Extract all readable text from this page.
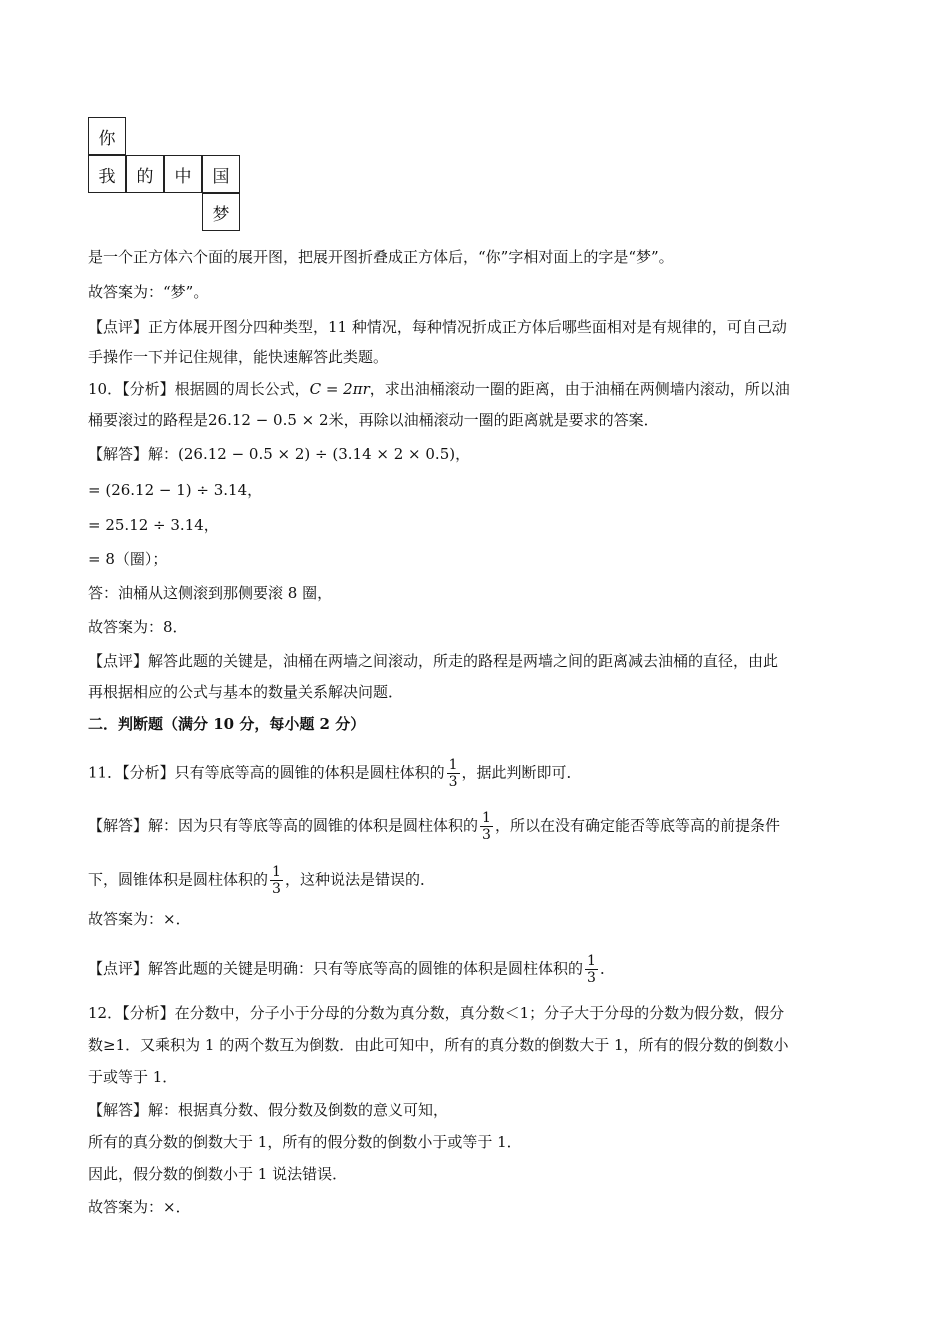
你
我	的	中	国
梦
是一个正方体六个面的展开图，把展开图折叠成正方体后，“你”字相对面上的字是“梦”。
故答案为：“梦”。
【点评】正方体展开图分四种类型，11 种情况，每种情况折成正方体后哪些面相对是有规律的，可自己动
手操作一下并记住规律，能快速解答此类题。
10．【分析】根据圆的周长公式，C = 2πr，求出油桶滚动一圈的距离，由于油桶在两侧墙内滚动，所以油
桶要滚过的路程是26.12 − 0.5 × 2米，再除以油桶滚动一圈的距离就是要求的答案．
【解答】解：(26.12 − 0.5 × 2) ÷ (3.14 × 2 × 0.5)，
= (26.12 − 1) ÷ 3.14，
= 25.12 ÷ 3.14，
= 8（圈）；
答：油桶从这侧滚到那侧要滚 8 圈，
故答案为：8．
【点评】解答此题的关键是，油桶在两墙之间滚动，所走的路程是两墙之间的距离减去油桶的直径，由此
再根据相应的公式与基本的数量关系解决问题．
二．判断题（满分 10 分，每小题 2 分）
11．【分析】只有等底等高的圆锥的体积是圆柱体积的 $\frac{1}{3}$ ，据此判断即可．
【解答】解：因为只有等底等高的圆锥的体积是圆柱体积的 $\frac{1}{3}$ ，所以在没有确定能否等底等高的前提条件
下，圆锥体积是圆柱体积的 $\frac{1}{3}$ ，这种说法是错误的．
故答案为：×．
【点评】解答此题的关键是明确：只有等底等高的圆锥的体积是圆柱体积的 $\frac{1}{3}$ ．
12．【分析】在分数中，分子小于分母的分数为真分数，真分数＜1；分子大于分母的分数为假分数，假分
数≥1．又乘积为 1 的两个数互为倒数．由此可知中，所有的真分数的倒数大于 1，所有的假分数的倒数小
于或等于 1．
【解答】解：根据真分数、假分数及倒数的意义可知，
所有的真分数的倒数大于 1，所有的假分数的倒数小于或等于 1．
因此，假分数的倒数小于 1 说法错误．
故答案为：×．
